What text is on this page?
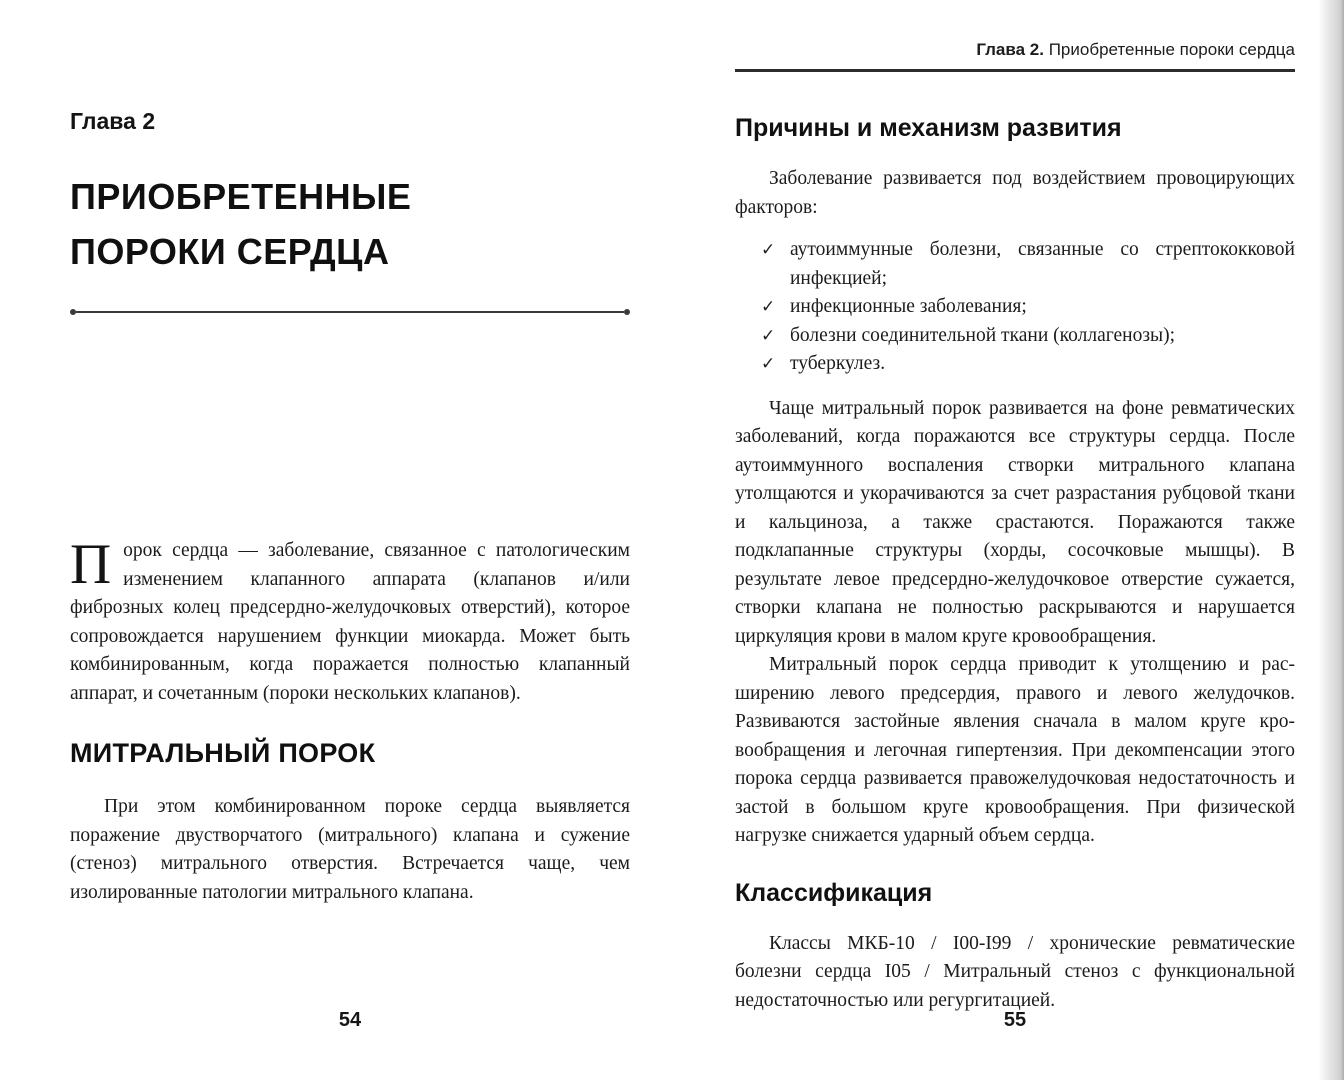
Глава 2
ПРИОБРЕТЕННЫЕ
ПОРОКИ СЕРДЦА

Порок сердца — заболевание, связанное с патологическим изменением клапанного аппарата (клапанов и/или фиброзных колец предсердно-желудочковых отверстий), которое сопровождается нарушением функции миокарда. Может быть комбинированным, когда поражается полностью клапанный аппарат, и сочетанным (пороки нескольких клапанов).

МИТРАЛЬНЫЙ ПОРОК

При этом комбинированном пороке сердца выявляется поражение двустворчатого (митрального) клапана и сужение (стеноз) митрального отверстия. Встречается чаще, чем изолированные патологии митрального клапана.

54
Глава 2. Приобретенные пороки сердца
Причины и механизм развития

Заболевание развивается под воздействием провоцирующих факторов:

✓ аутоиммунные болезни, связанные со стрептококковой инфекцией;
✓ инфекционные заболевания;
✓ болезни соединительной ткани (коллагенозы);
✓ туберкулез.

Чаще митральный порок развивается на фоне ревматических заболеваний, когда поражаются все структуры сердца. После аутоиммунного воспаления створки митрального клапана утолщаются и укорачиваются за счет разрастания рубцовой ткани и кальциноза, а также срастаются. Поражаются также подклапанные структуры (хорды, сосочковые мышцы). В результате левое предсердно-желудочковое отверстие сужается, створки клапана не полностью раскрываются и нарушается циркуляция крови в малом круге кровообращения.

Митральный порок сердца приводит к утолщению и расширению левого предсердия, правого и левого желудочков. Развиваются застойные явления сначала в малом круге кровообращения и легочная гипертензия. При декомпенсации этого порока сердца развивается правожелудочковая недостаточность и застой в большом круге кровообращения. При физической нагрузке снижается ударный объем сердца.

Классификация

Классы МКБ-10 / I00-I99 / хронические ревматические болезни сердца I05 / Митральный стеноз с функциональной недостаточностью или регургитацией.

55
